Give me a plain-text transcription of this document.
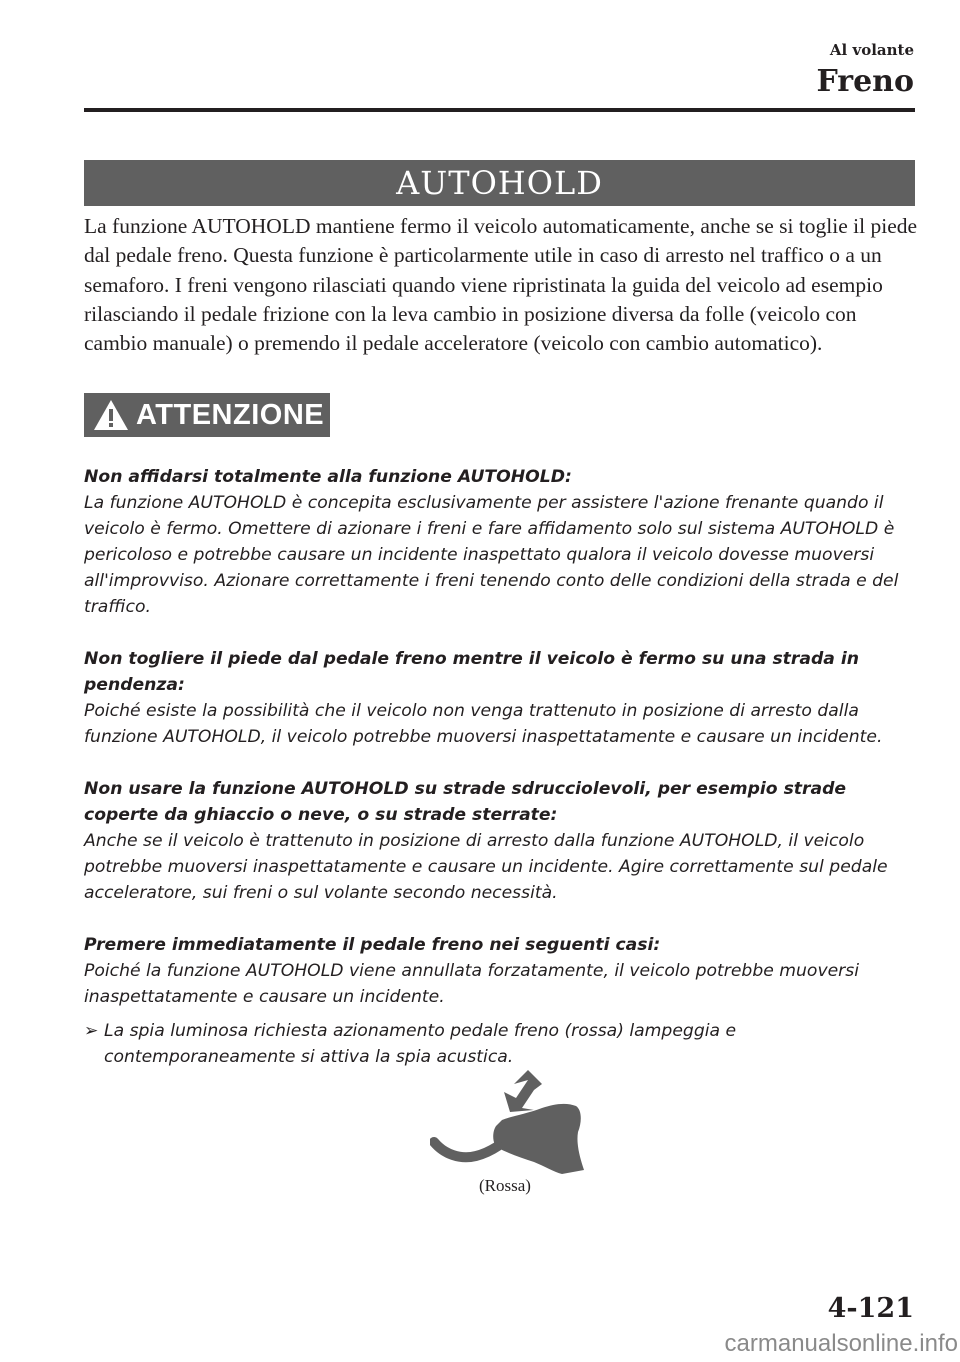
Al volante
Freno
AUTOHOLD

La funzione AUTOHOLD mantiene fermo il veicolo automaticamente, anche se si toglie il piede dal pedale freno. Questa funzione è particolarmente utile in caso di arresto nel traffico o a un semaforo. I freni vengono rilasciati quando viene ripristinata la guida del veicolo ad esempio rilasciando il pedale frizione con la leva cambio in posizione diversa da folle (veicolo con cambio manuale) o premendo il pedale acceleratore (veicolo con cambio automatico).

ATTENZIONE
Non affidarsi totalmente alla funzione AUTOHOLD:
La funzione AUTOHOLD è concepita esclusivamente per assistere l'azione frenante quando il veicolo è fermo. Omettere di azionare i freni e fare affidamento solo sul sistema AUTOHOLD è pericoloso e potrebbe causare un incidente inaspettato qualora il veicolo dovesse muoversi all'improvviso. Azionare correttamente i freni tenendo conto delle condizioni della strada e del traffico.
Non togliere il piede dal pedale freno mentre il veicolo è fermo su una strada in pendenza:
Poiché esiste la possibilità che il veicolo non venga trattenuto in posizione di arresto dalla funzione AUTOHOLD, il veicolo potrebbe muoversi inaspettatamente e causare un incidente.
Non usare la funzione AUTOHOLD su strade sdrucciolevoli, per esempio strade coperte da ghiaccio o neve, o su strade sterrate:
Anche se il veicolo è trattenuto in posizione di arresto dalla funzione AUTOHOLD, il veicolo potrebbe muoversi inaspettatamente e causare un incidente. Agire correttamente sul pedale acceleratore, sui freni o sul volante secondo necessità.
Premere immediatamente il pedale freno nei seguenti casi:
Poiché la funzione AUTOHOLD viene annullata forzatamente, il veicolo potrebbe muoversi inaspettatamente e causare un incidente.
➢ La spia luminosa richiesta azionamento pedale freno (rossa) lampeggia e contemporaneamente si attiva la spia acustica.
(Rossa)
4-121
carmanualsonline.info
